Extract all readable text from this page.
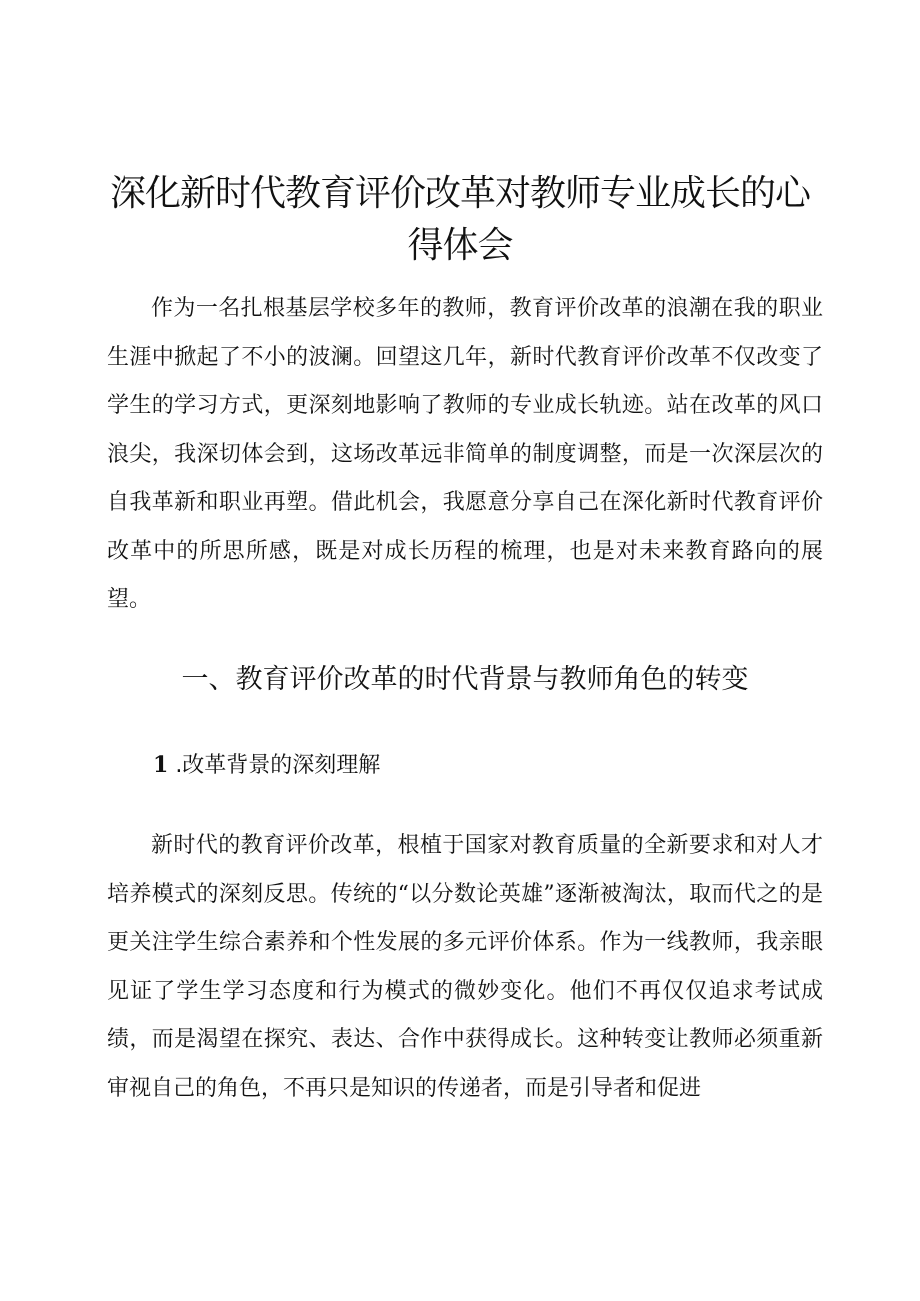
深化新时代教育评价改革对教师专业成长的心得体会

作为一名扎根基层学校多年的教师，教育评价改革的浪潮在我的职业生涯中掀起了不小的波澜。回望这几年，新时代教育评价改革不仅改变了学生的学习方式，更深刻地影响了教师的专业成长轨迹。站在改革的风口浪尖，我深切体会到，这场改革远非简单的制度调整，而是一次深层次的自我革新和职业再塑。借此机会，我愿意分享自己在深化新时代教育评价改革中的所思所感，既是对成长历程的梳理，也是对未来教育路向的展望。

一、教育评价改革的时代背景与教师角色的转变
1 .改革背景的深刻理解

新时代的教育评价改革，根植于国家对教育质量的全新要求和对人才培养模式的深刻反思。传统的“以分数论英雄”逐渐被淘汰，取而代之的是更关注学生综合素养和个性发展的多元评价体系。作为一线教师，我亲眼见证了学生学习态度和行为模式的微妙变化。他们不再仅仅追求考试成绩，而是渴望在探究、表达、合作中获得成长。这种转变让教师必须重新审视自己的角色，不再只是知识的传递者，而是引导者和促进
